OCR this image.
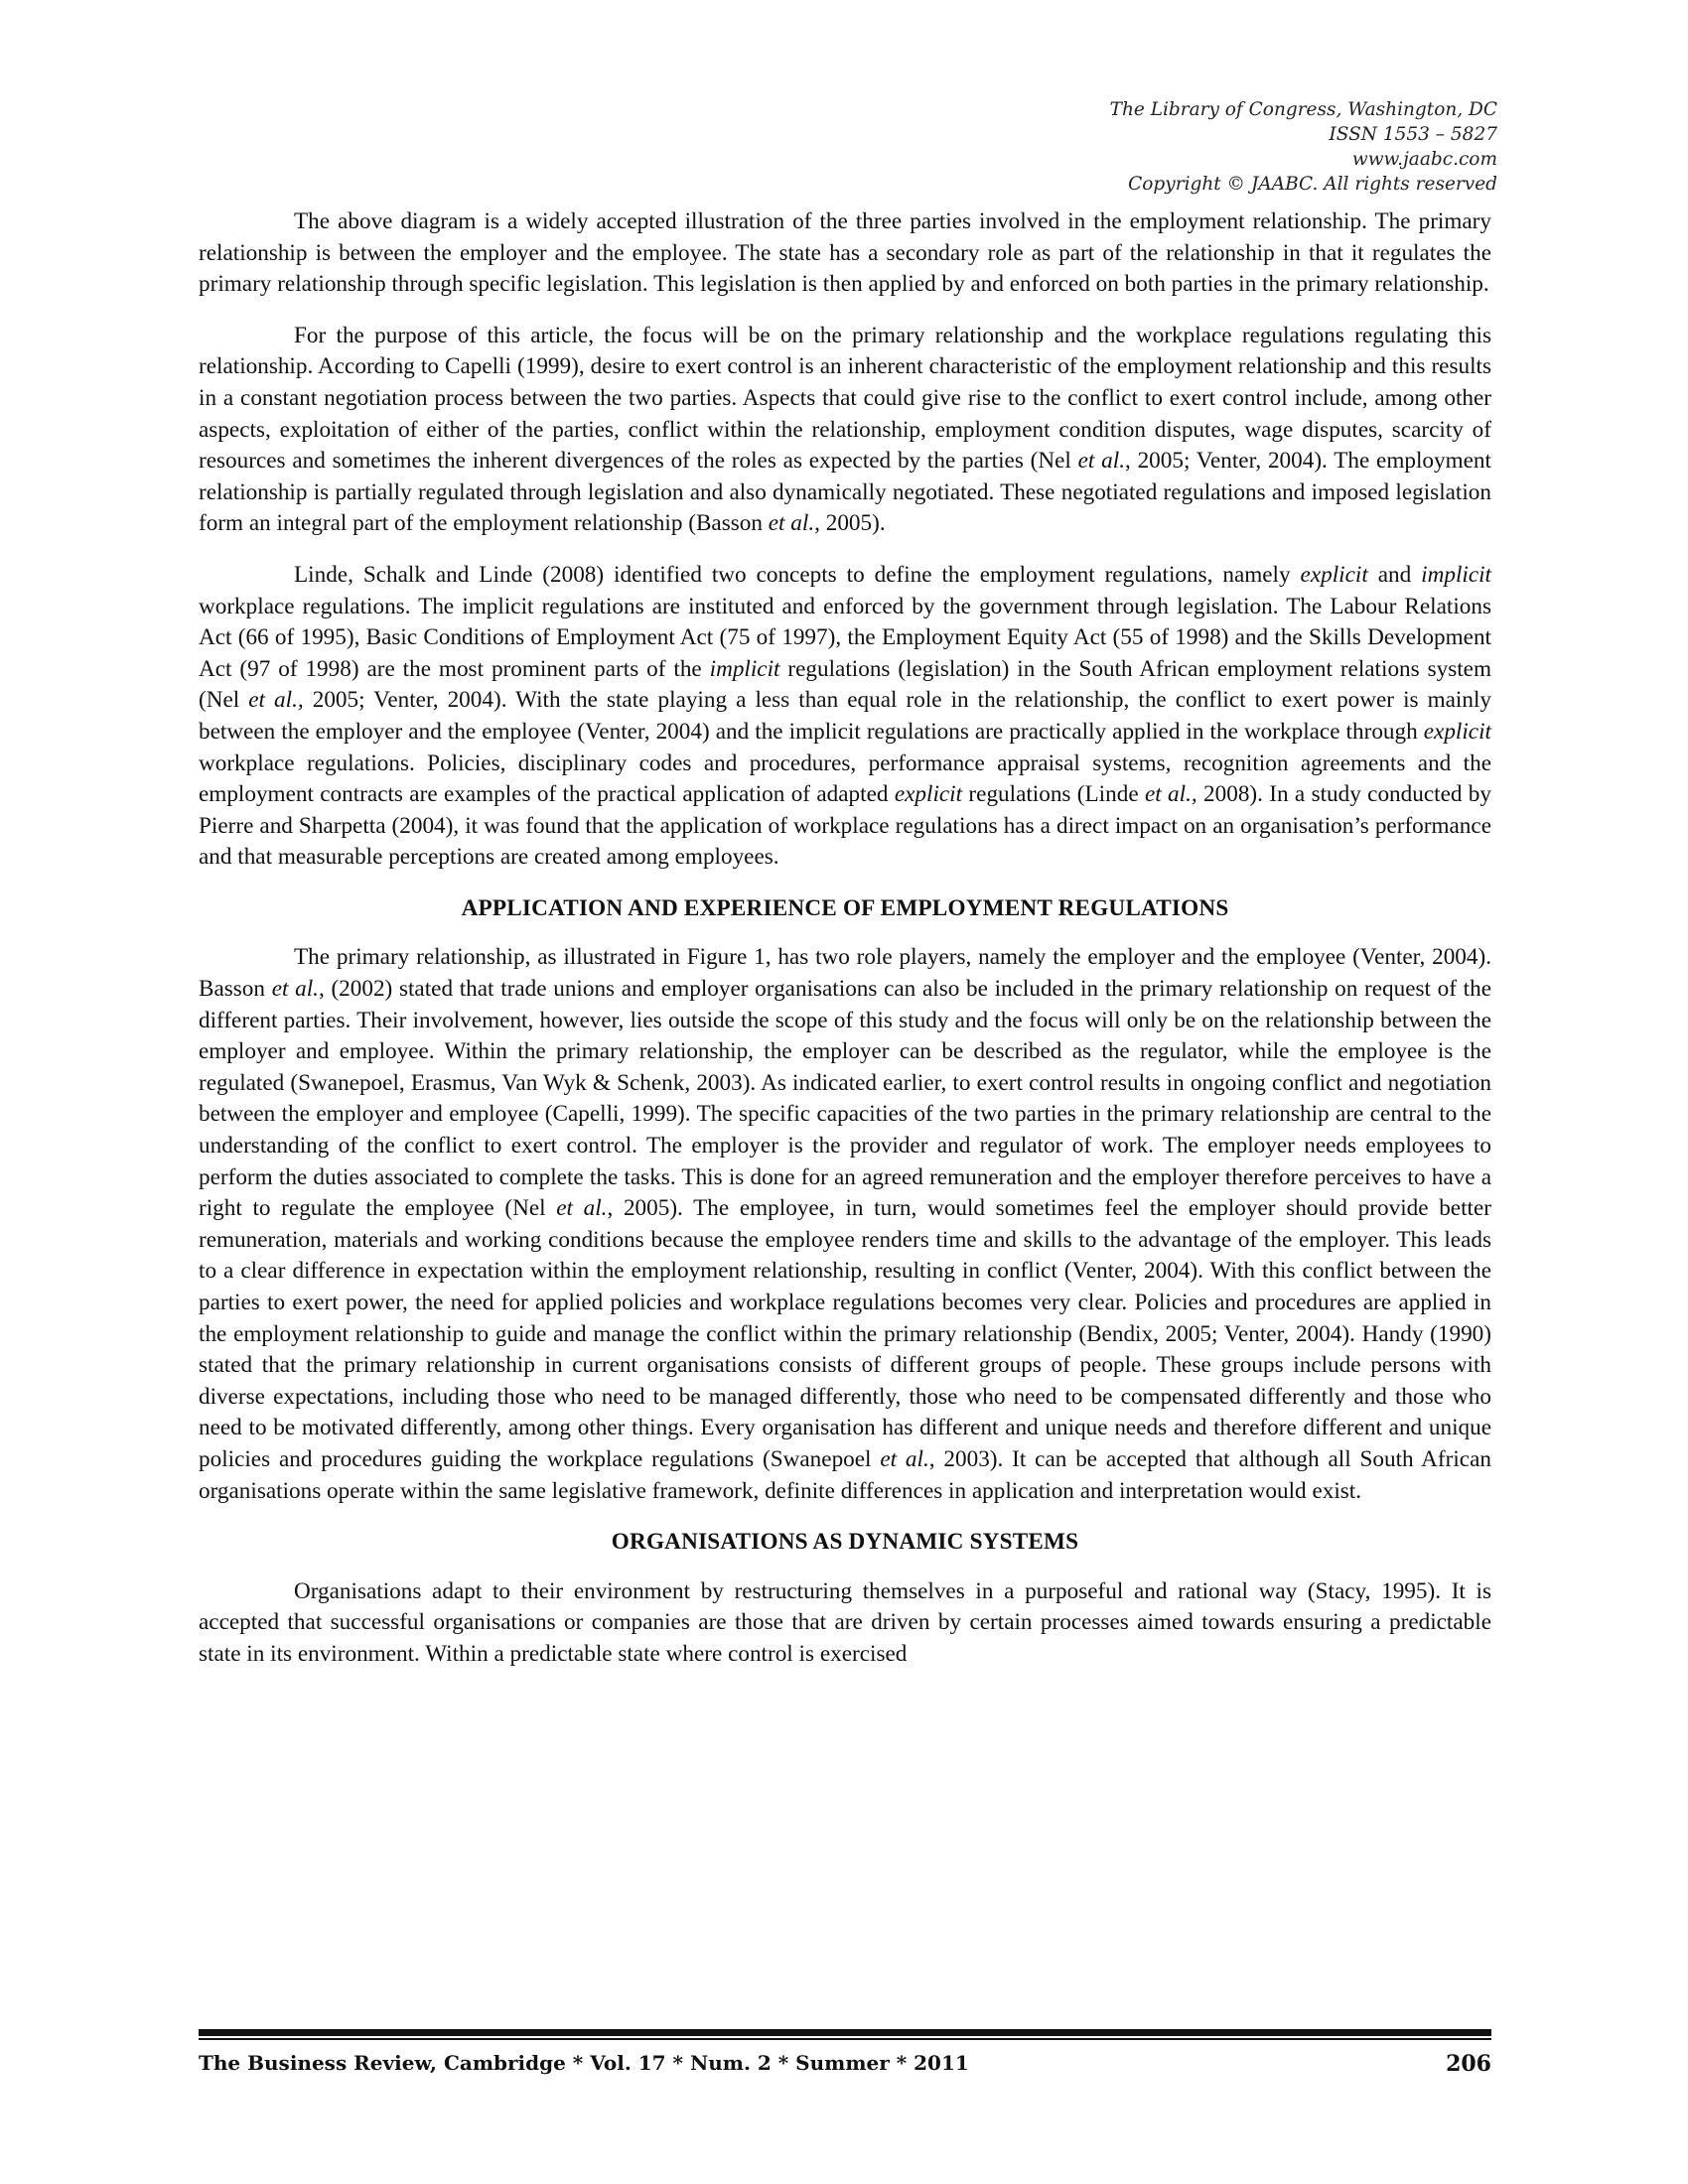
The Library of Congress, Washington, DC
ISSN 1553 – 5827
www.jaabc.com
Copyright © JAABC. All rights reserved

The above diagram is a widely accepted illustration of the three parties involved in the employment relationship. The primary relationship is between the employer and the employee. The state has a secondary role as part of the relationship in that it regulates the primary relationship through specific legislation. This legislation is then applied by and enforced on both parties in the primary relationship.

For the purpose of this article, the focus will be on the primary relationship and the workplace regulations regulating this relationship. According to Capelli (1999), desire to exert control is an inherent characteristic of the employment relationship and this results in a constant negotiation process between the two parties. Aspects that could give rise to the conflict to exert control include, among other aspects, exploitation of either of the parties, conflict within the relationship, employment condition disputes, wage disputes, scarcity of resources and sometimes the inherent divergences of the roles as expected by the parties (Nel et al., 2005; Venter, 2004). The employment relationship is partially regulated through legislation and also dynamically negotiated. These negotiated regulations and imposed legislation form an integral part of the employment relationship (Basson et al., 2005).

Linde, Schalk and Linde (2008) identified two concepts to define the employment regulations, namely explicit and implicit workplace regulations. The implicit regulations are instituted and enforced by the government through legislation. The Labour Relations Act (66 of 1995), Basic Conditions of Employment Act (75 of 1997), the Employment Equity Act (55 of 1998) and the Skills Development Act (97 of 1998) are the most prominent parts of the implicit regulations (legislation) in the South African employment relations system (Nel et al., 2005; Venter, 2004). With the state playing a less than equal role in the relationship, the conflict to exert power is mainly between the employer and the employee (Venter, 2004) and the implicit regulations are practically applied in the workplace through explicit workplace regulations. Policies, disciplinary codes and procedures, performance appraisal systems, recognition agreements and the employment contracts are examples of the practical application of adapted explicit regulations (Linde et al., 2008). In a study conducted by Pierre and Sharpetta (2004), it was found that the application of workplace regulations has a direct impact on an organisation’s performance and that measurable perceptions are created among employees.

APPLICATION AND EXPERIENCE OF EMPLOYMENT REGULATIONS

The primary relationship, as illustrated in Figure 1, has two role players, namely the employer and the employee (Venter, 2004). Basson et al., (2002) stated that trade unions and employer organisations can also be included in the primary relationship on request of the different parties. Their involvement, however, lies outside the scope of this study and the focus will only be on the relationship between the employer and employee. Within the primary relationship, the employer can be described as the regulator, while the employee is the regulated (Swanepoel, Erasmus, Van Wyk & Schenk, 2003). As indicated earlier, to exert control results in ongoing conflict and negotiation between the employer and employee (Capelli, 1999). The specific capacities of the two parties in the primary relationship are central to the understanding of the conflict to exert control. The employer is the provider and regulator of work. The employer needs employees to perform the duties associated to complete the tasks. This is done for an agreed remuneration and the employer therefore perceives to have a right to regulate the employee (Nel et al., 2005). The employee, in turn, would sometimes feel the employer should provide better remuneration, materials and working conditions because the employee renders time and skills to the advantage of the employer. This leads to a clear difference in expectation within the employment relationship, resulting in conflict (Venter, 2004). With this conflict between the parties to exert power, the need for applied policies and workplace regulations becomes very clear. Policies and procedures are applied in the employment relationship to guide and manage the conflict within the primary relationship (Bendix, 2005; Venter, 2004). Handy (1990) stated that the primary relationship in current organisations consists of different groups of people. These groups include persons with diverse expectations, including those who need to be managed differently, those who need to be compensated differently and those who need to be motivated differently, among other things. Every organisation has different and unique needs and therefore different and unique policies and procedures guiding the workplace regulations (Swanepoel et al., 2003). It can be accepted that although all South African organisations operate within the same legislative framework, definite differences in application and interpretation would exist.

ORGANISATIONS AS DYNAMIC SYSTEMS

Organisations adapt to their environment by restructuring themselves in a purposeful and rational way (Stacy, 1995). It is accepted that successful organisations or companies are those that are driven by certain processes aimed towards ensuring a predictable state in its environment. Within a predictable state where control is exercised

The Business Review, Cambridge * Vol. 17 * Num. 2 * Summer * 2011	206
